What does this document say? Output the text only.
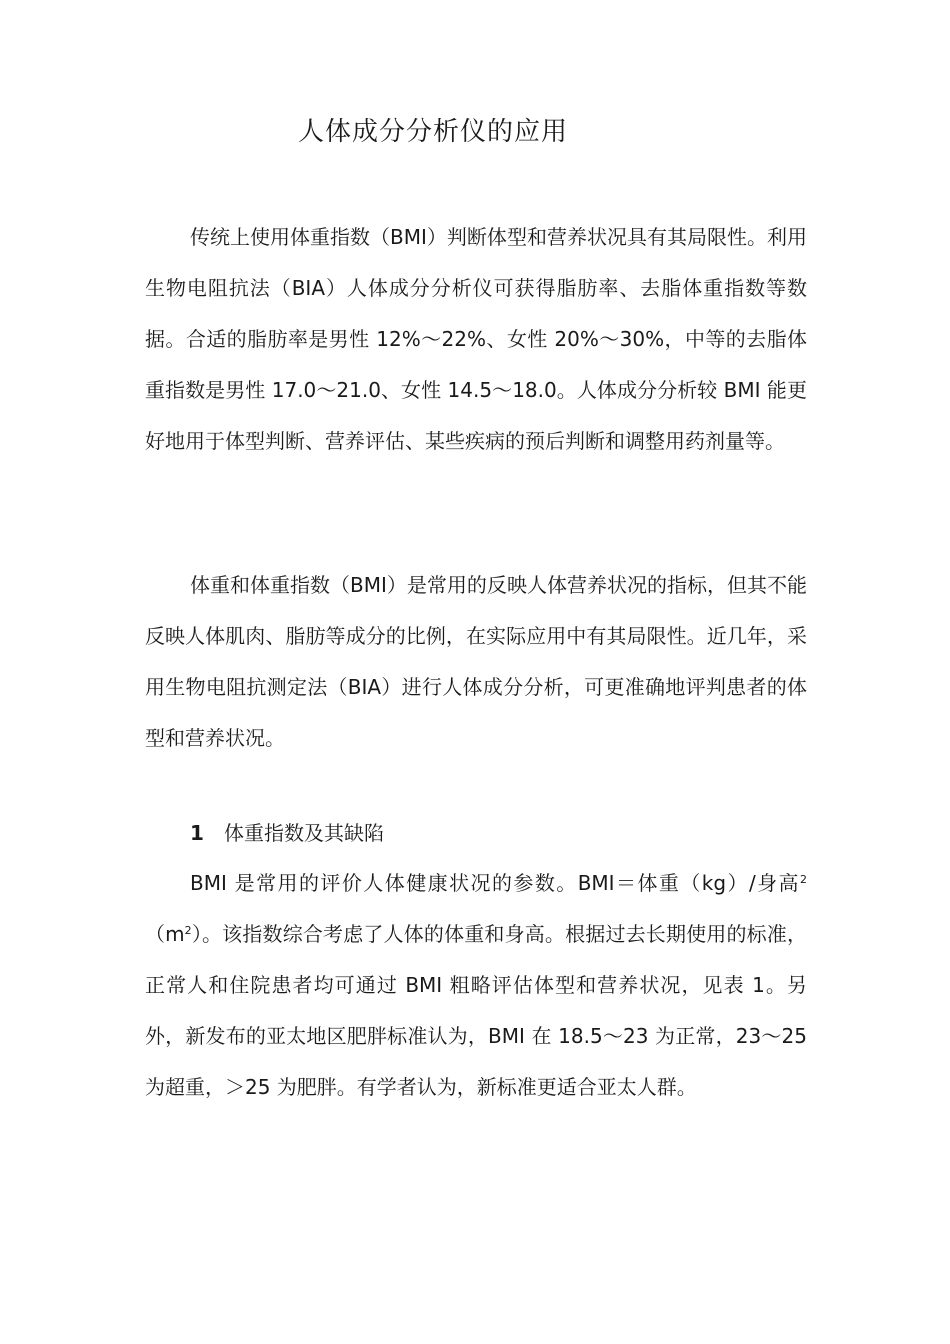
人体成分分析仪的应用

传统上使用体重指数（BMI）判断体型和营养状况具有其局限性。利用生物电阻抗法（BIA）人体成分分析仪可获得脂肪率、去脂体重指数等数据。合适的脂肪率是男性 12%～22%、女性 20%～30%，中等的去脂体重指数是男性 17.0～21.0、女性 14.5～18.0。人体成分分析较 BMI 能更好地用于体型判断、营养评估、某些疾病的预后判断和调整用药剂量等。

体重和体重指数（BMI）是常用的反映人体营养状况的指标，但其不能反映人体肌肉、脂肪等成分的比例，在实际应用中有其局限性。近几年，采用生物电阻抗测定法（BIA）进行人体成分分析，可更准确地评判患者的体型和营养状况。

1 体重指数及其缺陷

BMI 是常用的评价人体健康状况的参数。BMI＝体重（kg）/身高$^2(m^2)$。该指数综合考虑了人体的体重和身高。根据过去长期使用的标准，正常人和住院患者均可通过 BMI 粗略评估体型和营养状况，见表 1。另外，新发布的亚太地区肥胖标准认为，BMI 在 18.5～23 为正常，23～25 为超重，＞25 为肥胖。有学者认为，新标准更适合亚太人群。
